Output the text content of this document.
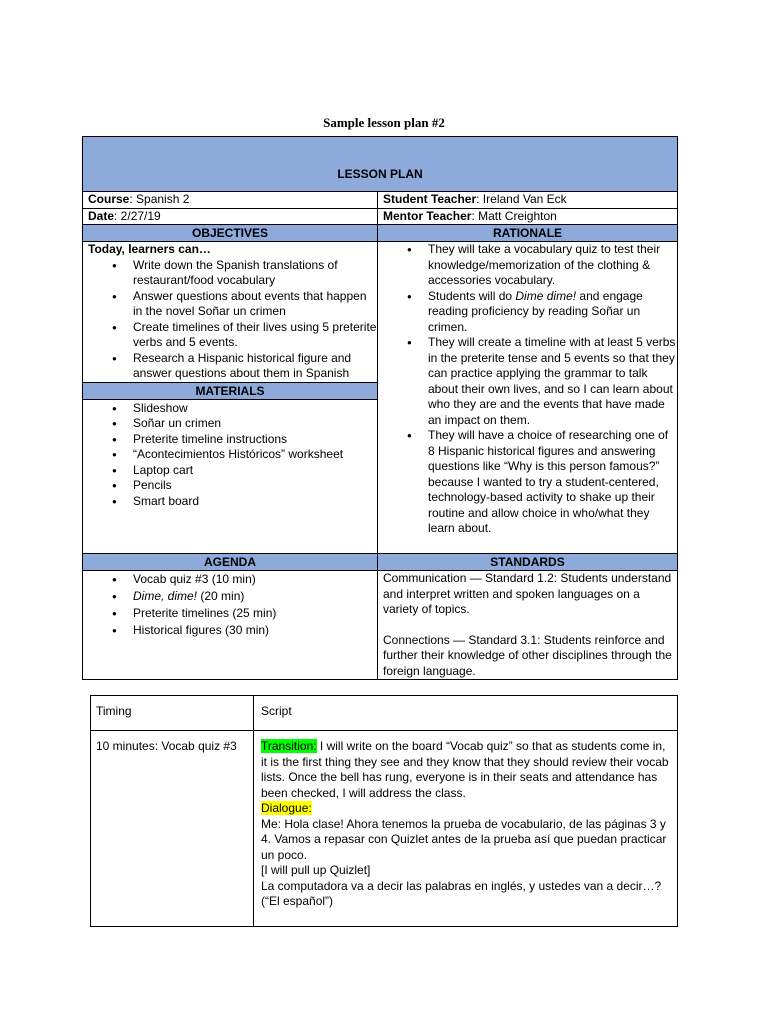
Sample lesson plan #2
LESSON PLAN
Course: Spanish 2	Student Teacher: Ireland Van Eck
Date: 2/27/19	Mentor Teacher: Matt Creighton
OBJECTIVES
Today, learners can…
● Write down the Spanish translations of restaurant/food vocabulary
● Answer questions about events that happen in the novel Soñar un crimen
● Create timelines of their lives using 5 preterite verbs and 5 events.
● Research a Hispanic historical figure and answer questions about them in Spanish
MATERIALS
● Slideshow
● Soñar un crimen
● Preterite timeline instructions
● “Acontecimientos Históricos” worksheet
● Laptop cart
● Pencils
● Smart board
RATIONALE
● They will take a vocabulary quiz to test their knowledge/memorization of the clothing & accessories vocabulary.
● Students will do Dime dime! and engage reading proficiency by reading Soñar un crimen.
● They will create a timeline with at least 5 verbs in the preterite tense and 5 events so that they can practice applying the grammar to talk about their own lives, and so I can learn about who they are and the events that have made an impact on them.
● They will have a choice of researching one of 8 Hispanic historical figures and answering questions like “Why is this person famous?” because I wanted to try a student-centered, technology-based activity to shake up their routine and allow choice in who/what they learn about.
AGENDA
● Vocab quiz #3 (10 min)
● Dime, dime! (20 min)
● Preterite timelines (25 min)
● Historical figures (30 min)
STANDARDS
Communication — Standard 1.2: Students understand and interpret written and spoken languages on a variety of topics.
Connections — Standard 3.1: Students reinforce and further their knowledge of other disciplines through the foreign language.
Timing	Script
10 minutes: Vocab quiz #3	Transition: I will write on the board “Vocab quiz” so that as students come in, it is the first thing they see and they know that they should review their vocab lists. Once the bell has rung, everyone is in their seats and attendance has been checked, I will address the class.
Dialogue:
Me: Hola clase! Ahora tenemos la prueba de vocabulario, de las páginas 3 y 4. Vamos a repasar con Quizlet antes de la prueba así que puedan practicar un poco.
[I will pull up Quizlet]
La computadora va a decir las palabras en inglés, y ustedes van a decir…?
(“El español”)
